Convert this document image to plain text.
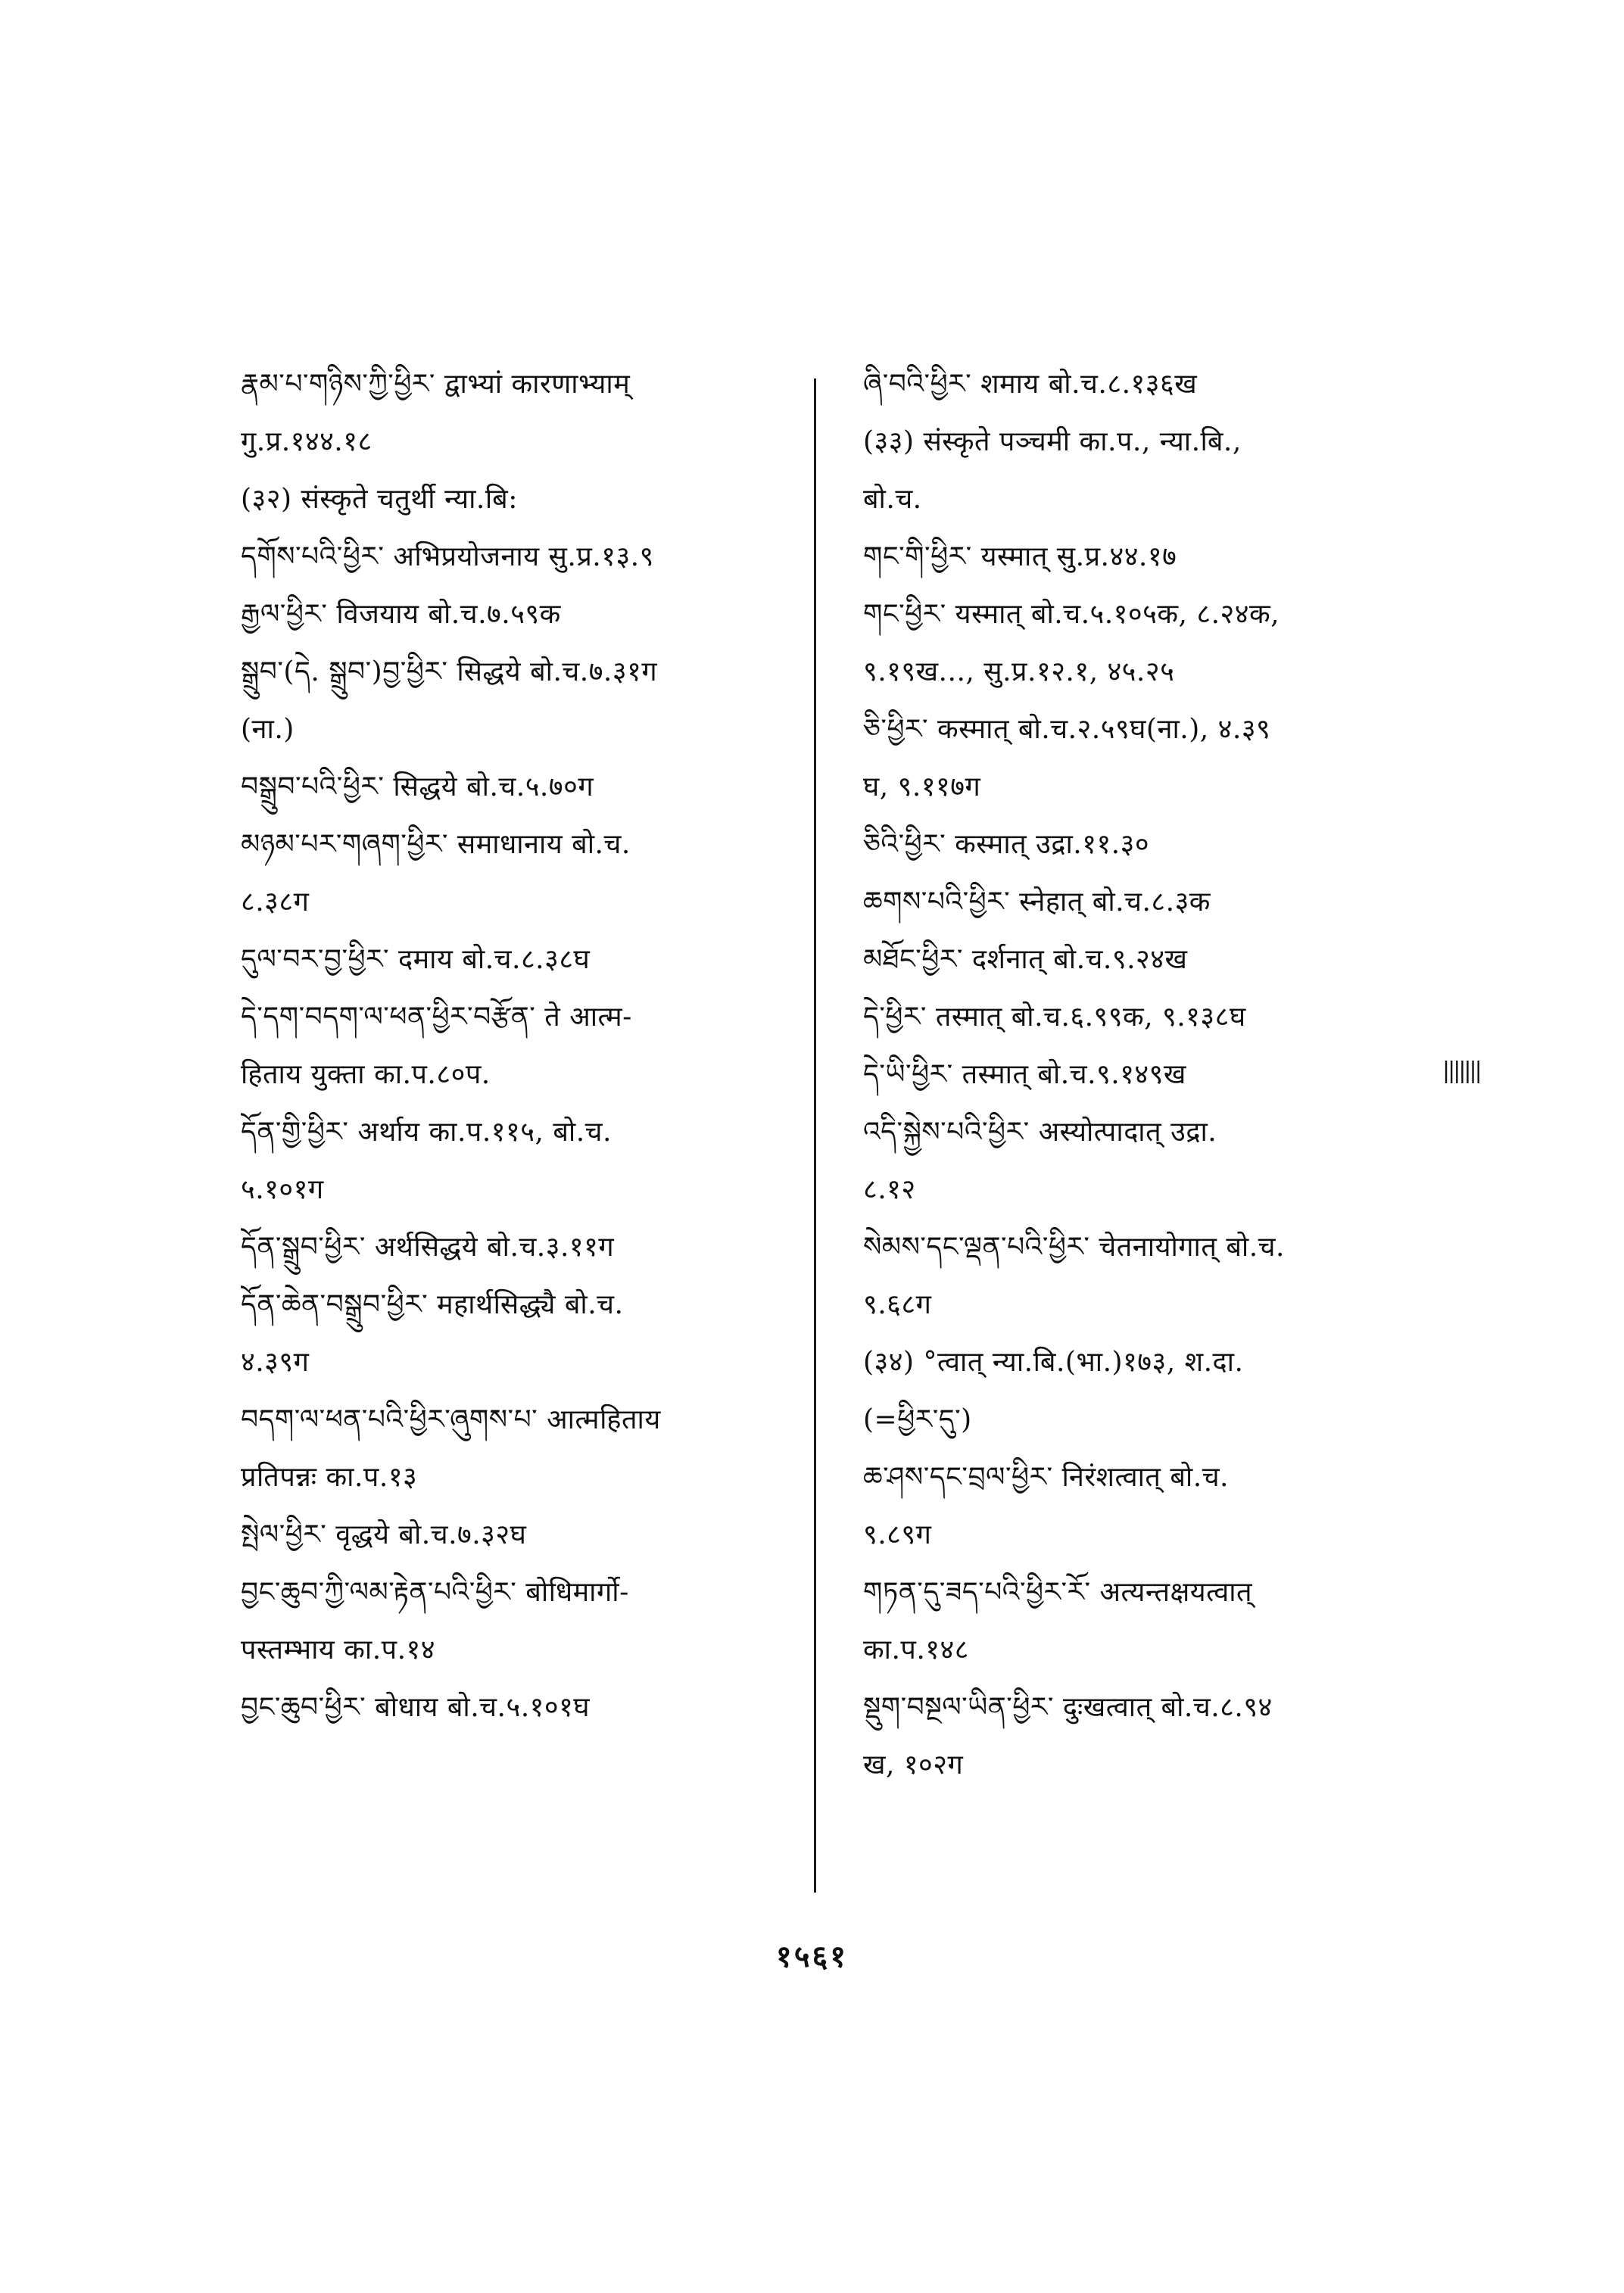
རྣམ་པ་གཉིས་ཀྱི་ཕྱིར་ द्वाभ्यां कारणाभ्याम्
गु.प्र.१४४.१८
(३२) संस्कृते चतुर्थी न्या.बि:
དགོས་པའི་ཕྱིར་ अभिप्रयोजनाय सु.प्र.१३.९
རྒྱལ་ཕྱིར་ विजयाय बो.च.७.५९क
སྒྲུབ་(དེ. སྒྲུབ་)བྱ་ཕྱིར་ सिद्धये बो.च.७.३१ग
(ना.)
བསྒྲུབ་པའི་ཕྱིར་ सिद्धये बो.च.५.७०ग
མཉམ་པར་གཞག་ཕྱིར་ समाधानाय बो.च.
८.३८ग
དུལ་བར་བྱ་ཕྱིར་ दमाय बो.च.८.३८घ
དེ་དག་བདག་ལ་ཕན་ཕྱིར་བརྩོན་ ते आत्म-
हिताय युक्ता का.प.८०प.
དོན་གྱི་ཕྱིར་ अर्थाय का.प.११५, बो.च.
५.१०१ग
དོན་སྒྲུབ་ཕྱིར་ अर्थसिद्धये बो.च.३.११ग
དོན་ཆེན་བསྒྲུབ་ཕྱིར་ महार्थसिद्ध्यै बो.च.
४.३९ग
བདག་ལ་ཕན་པའི་ཕྱིར་ཞུགས་པ་ आत्महिताय
प्रतिपन्नः का.प.१३
སྤེལ་ཕྱིར་ वृद्धये बो.च.७.३२घ
བྱང་ཆུབ་ཀྱི་ལམ་རྟེན་པའི་ཕྱིར་ बोधिमार्गो-
पस्तम्भाय का.प.१४
བྱང་ཆུབ་ཕྱིར་ बोधाय बो.च.५.१०१घ
ཞི་བའི་ཕྱིར་ शमाय बो.च.८.१३६ख
(३३) संस्कृते पञ्चमी का.प., न्या.बि.,
बो.च.
གང་གི་ཕྱིར་ यस्मात् सु.प्र.४४.१७
གང་ཕྱིར་ यस्मात् बो.च.५.१०५क, ८.२४क,
९.१९ख..., सु.प्र.१२.१, ४५.२५
ཅི་ཕྱིར་ कस्मात् बो.च.२.५९घ(ना.), ४.३९
घ, ९.११७ग
ཅིའི་ཕྱིར་ कस्मात् उद्रा.११.३०
ཆགས་པའི་ཕྱིར་ स्नेहात् बो.च.८.३क
མཐོང་ཕྱིར་ दर्शनात् बो.च.९.२४ख
དེ་ཕྱིར་ तस्मात् बो.च.६.९९क, ९.१३८घ
དེ་ཡི་ཕྱིར་ तस्मात् बो.च.९.१४९ख
འདི་སྐྱེས་པའི་ཕྱིར་ अस्योत्पादात् उद्रा.
८.१२
སེམས་དང་ལྡན་པའི་ཕྱིར་ चेतनायोगात् बो.च.
९.६८ग
(३४) °त्वात् न्या.बि.(भा.)१७३, श.दा.
(=ཕྱིར་དུ་)
ཆ་ཤས་དང་བྲལ་ཕྱིར་ निरंशत्वात् बो.च.
९.८९ग
གཏན་དུ་ཟད་པའི་ཕྱིར་རོ་ अत्यन्तक्षयत्वात्
का.प.१४८
སྡུག་བསྔལ་ཡིན་ཕྱིར་ दुःखत्वात् बो.च.८.९४
ख, १०२ग
|||||||
१५६१
